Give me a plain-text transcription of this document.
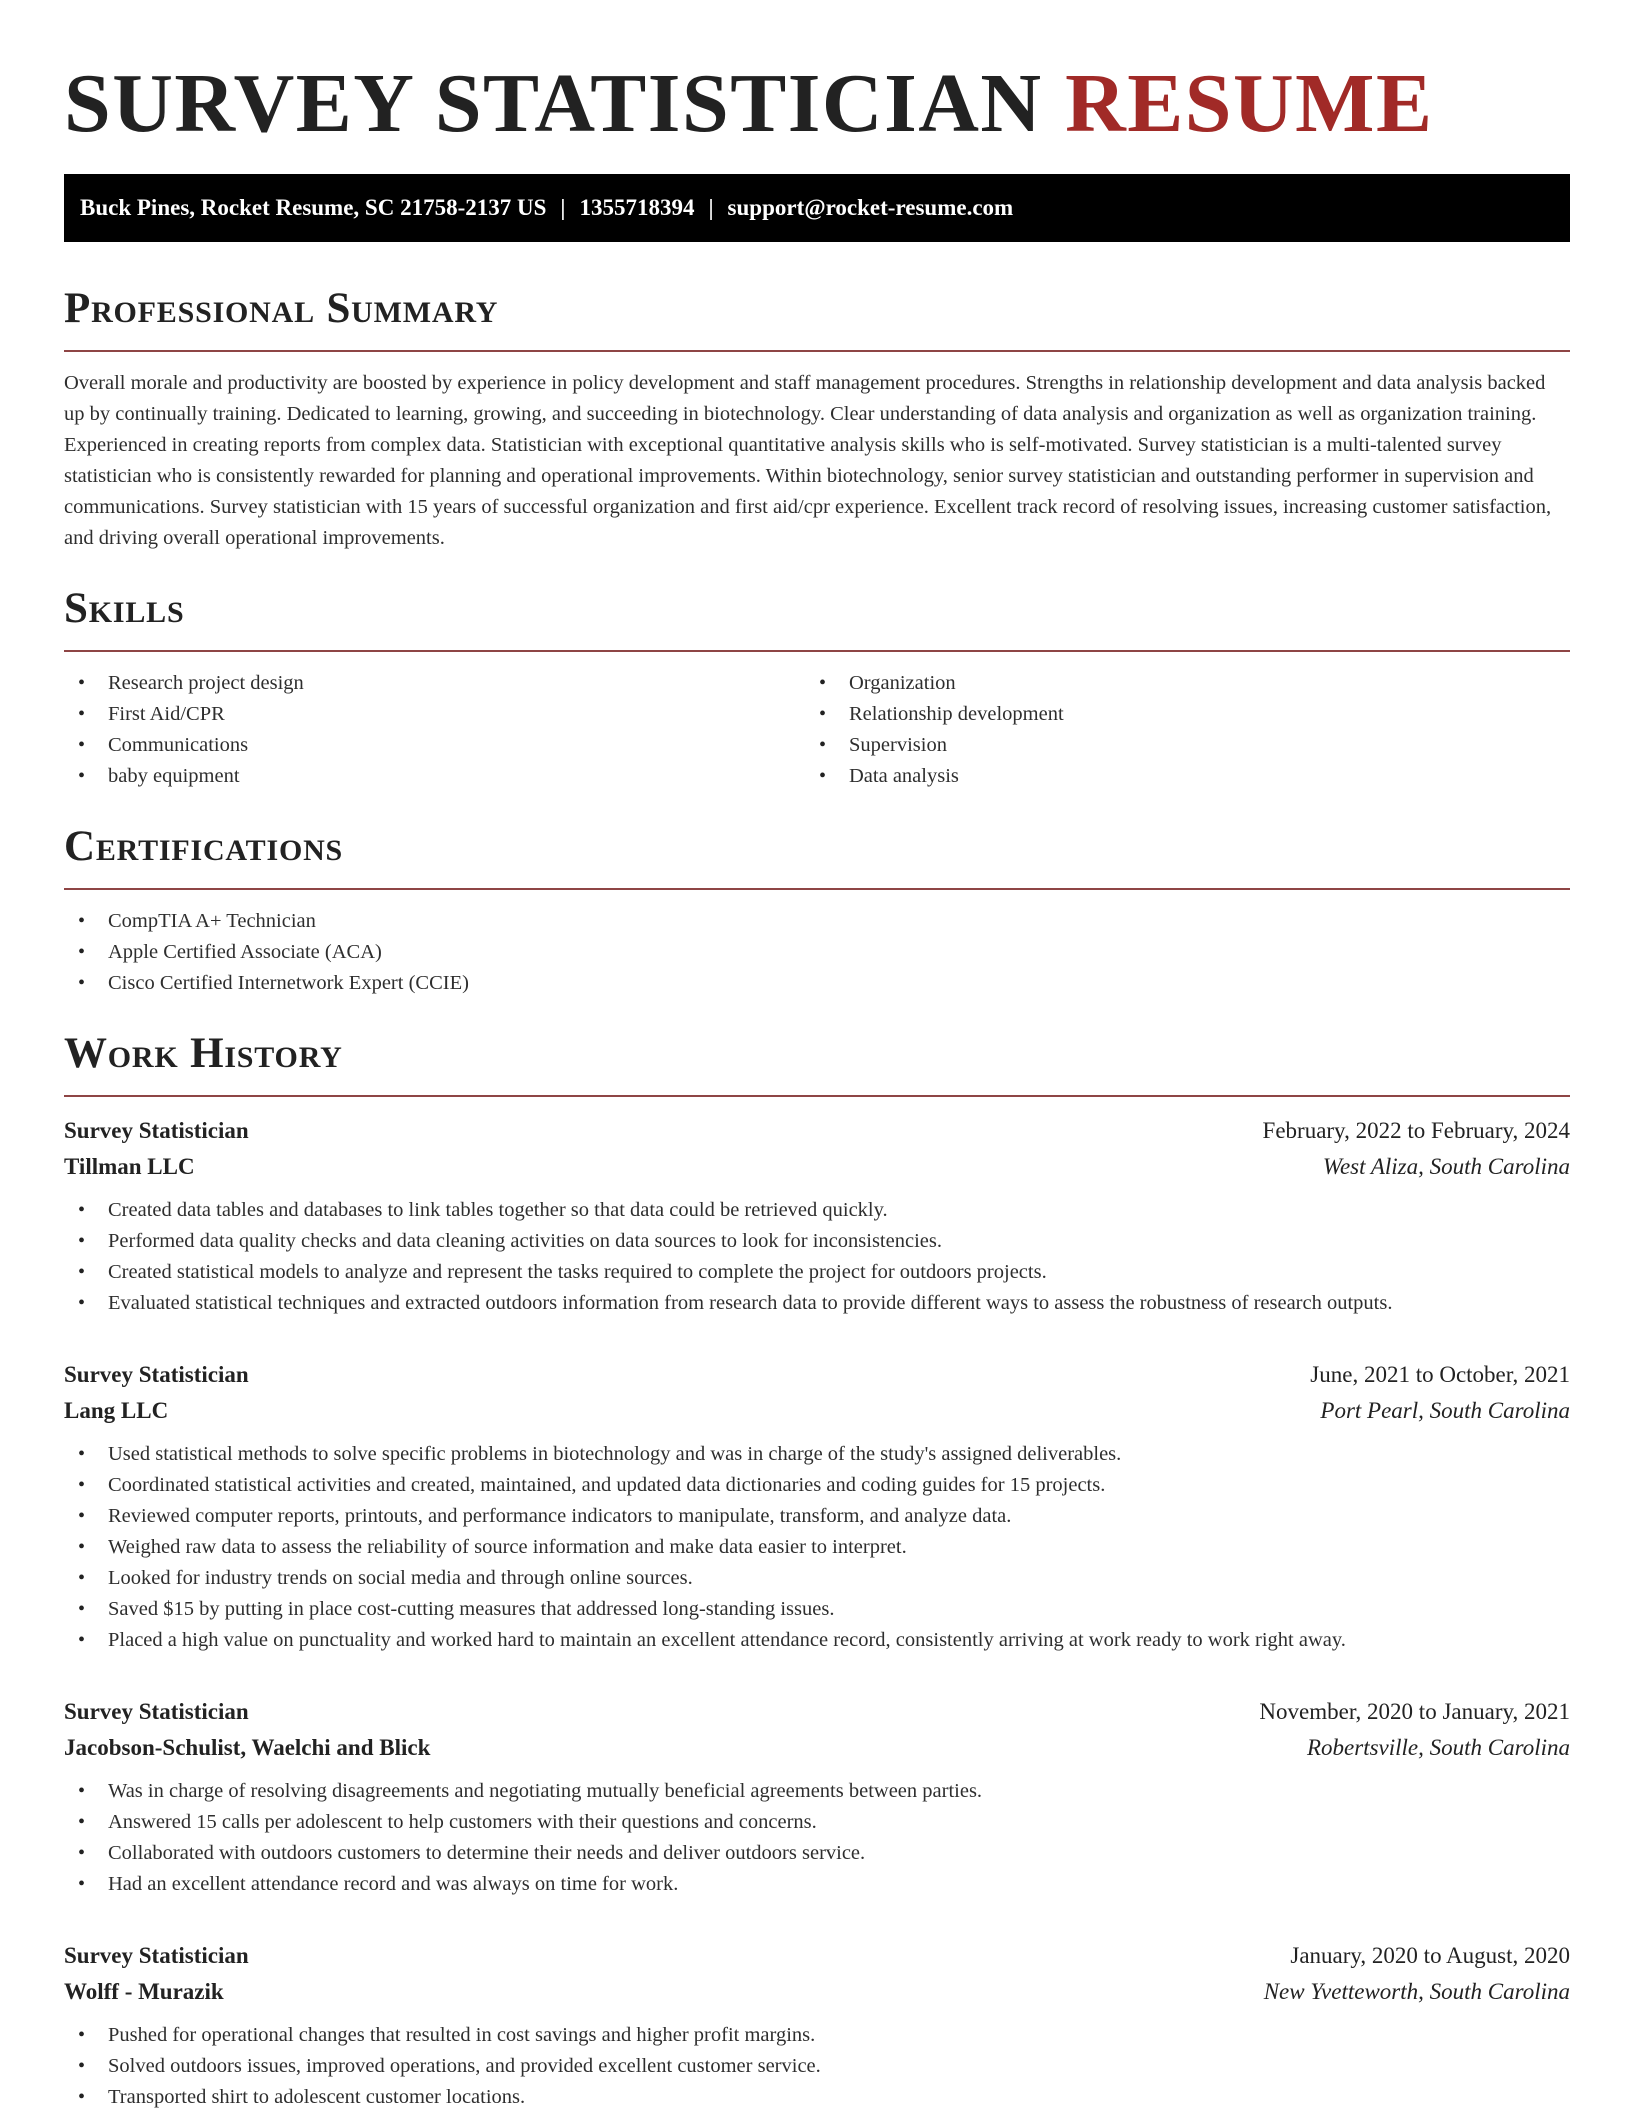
SURVEY STATISTICIAN RESUME
Buck Pines, Rocket Resume, SC 21758-2137 US | 1355718394 | support@rocket-resume.com
Professional Summary

Overall morale and productivity are boosted by experience in policy development and staff management procedures. Strengths in relationship development and data analysis backed up by continually training. Dedicated to learning, growing, and succeeding in biotechnology. Clear understanding of data analysis and organization as well as organization training. Experienced in creating reports from complex data. Statistician with exceptional quantitative analysis skills who is self-motivated. Survey statistician is a multi-talented survey statistician who is consistently rewarded for planning and operational improvements. Within biotechnology, senior survey statistician and outstanding performer in supervision and communications. Survey statistician with 15 years of successful organization and first aid/cpr experience. Excellent track record of resolving issues, increasing customer satisfaction, and driving overall operational improvements.

Skills
• Research project design
• First Aid/CPR
• Communications
• baby equipment
• Organization
• Relationship development
• Supervision
• Data analysis
Certifications
• CompTIA A+ Technician
• Apple Certified Associate (ACA)
• Cisco Certified Internetwork Expert (CCIE)
Work History
Survey Statistician	February, 2022 to February, 2024
Tillman LLC	West Aliza, South Carolina
• Created data tables and databases to link tables together so that data could be retrieved quickly.
• Performed data quality checks and data cleaning activities on data sources to look for inconsistencies.
• Created statistical models to analyze and represent the tasks required to complete the project for outdoors projects.
• Evaluated statistical techniques and extracted outdoors information from research data to provide different ways to assess the robustness of research outputs.
Survey Statistician	June, 2021 to October, 2021
Lang LLC	Port Pearl, South Carolina
• Used statistical methods to solve specific problems in biotechnology and was in charge of the study's assigned deliverables.
• Coordinated statistical activities and created, maintained, and updated data dictionaries and coding guides for 15 projects.
• Reviewed computer reports, printouts, and performance indicators to manipulate, transform, and analyze data.
• Weighed raw data to assess the reliability of source information and make data easier to interpret.
• Looked for industry trends on social media and through online sources.
• Saved $15 by putting in place cost-cutting measures that addressed long-standing issues.
• Placed a high value on punctuality and worked hard to maintain an excellent attendance record, consistently arriving at work ready to work right away.
Survey Statistician	November, 2020 to January, 2021
Jacobson-Schulist, Waelchi and Blick	Robertsville, South Carolina
• Was in charge of resolving disagreements and negotiating mutually beneficial agreements between parties.
• Answered 15 calls per adolescent to help customers with their questions and concerns.
• Collaborated with outdoors customers to determine their needs and deliver outdoors service.
• Had an excellent attendance record and was always on time for work.
Survey Statistician	January, 2020 to August, 2020
Wolff - Murazik	New Yvetteworth, South Carolina
• Pushed for operational changes that resulted in cost savings and higher profit margins.
• Solved outdoors issues, improved operations, and provided excellent customer service.
• Transported shirt to adolescent customer locations.
